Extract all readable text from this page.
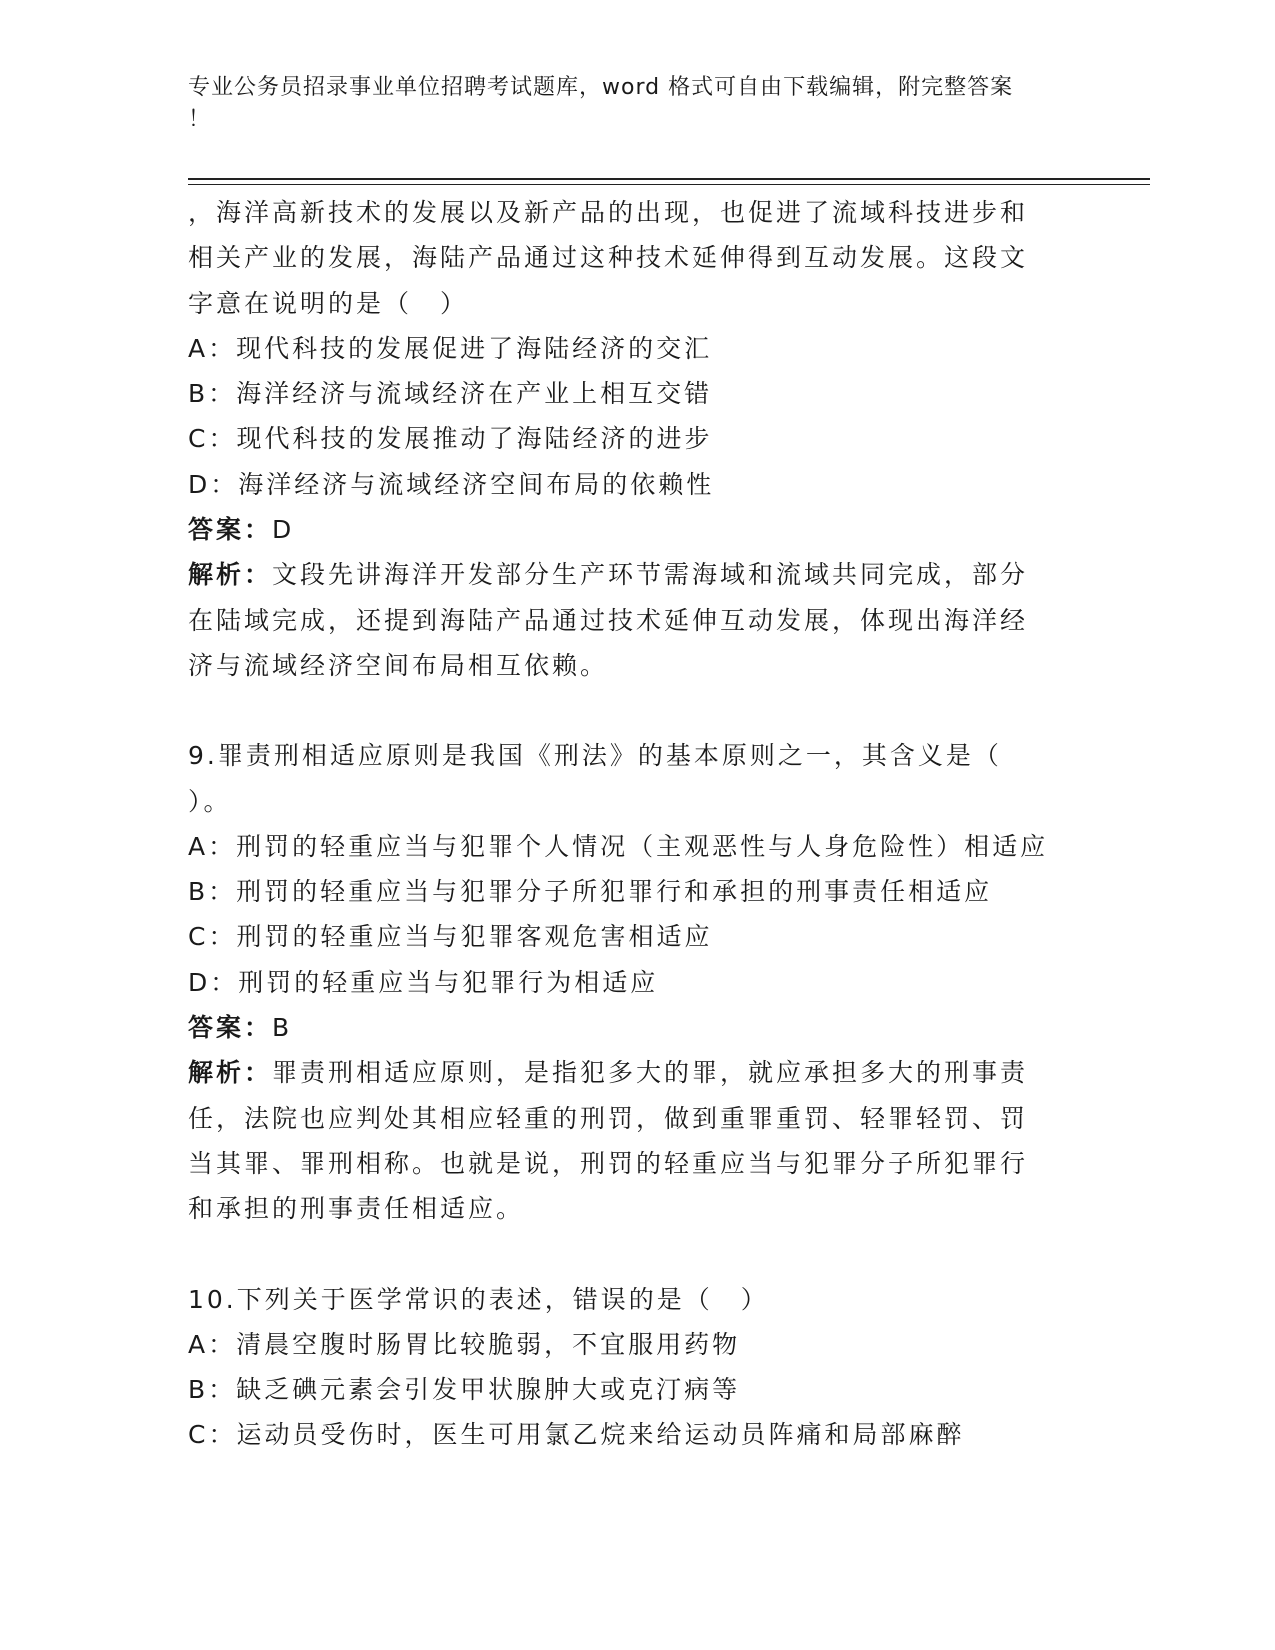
专业公务员招录事业单位招聘考试题库，word 格式可自由下载编辑，附完整答案
！
，海洋高新技术的发展以及新产品的出现，也促进了流域科技进步和
相关产业的发展，海陆产品通过这种技术延伸得到互动发展。这段文
字意在说明的是（　）
A：现代科技的发展促进了海陆经济的交汇
B：海洋经济与流域经济在产业上相互交错
C：现代科技的发展推动了海陆经济的进步
D：海洋经济与流域经济空间布局的依赖性
答案：D
解析：文段先讲海洋开发部分生产环节需海域和流域共同完成，部分
在陆域完成，还提到海陆产品通过技术延伸互动发展，体现出海洋经
济与流域经济空间布局相互依赖。
9.罪责刑相适应原则是我国《刑法》的基本原则之一，其含义是（
）。
A：刑罚的轻重应当与犯罪个人情况（主观恶性与人身危险性）相适应
B：刑罚的轻重应当与犯罪分子所犯罪行和承担的刑事责任相适应
C：刑罚的轻重应当与犯罪客观危害相适应
D：刑罚的轻重应当与犯罪行为相适应
答案：B
解析：罪责刑相适应原则，是指犯多大的罪，就应承担多大的刑事责
任，法院也应判处其相应轻重的刑罚，做到重罪重罚、轻罪轻罚、罚
当其罪、罪刑相称。也就是说，刑罚的轻重应当与犯罪分子所犯罪行
和承担的刑事责任相适应。
10.下列关于医学常识的表述，错误的是（　）
A：清晨空腹时肠胃比较脆弱，不宜服用药物
B：缺乏碘元素会引发甲状腺肿大或克汀病等
C：运动员受伤时，医生可用氯乙烷来给运动员阵痛和局部麻醉
